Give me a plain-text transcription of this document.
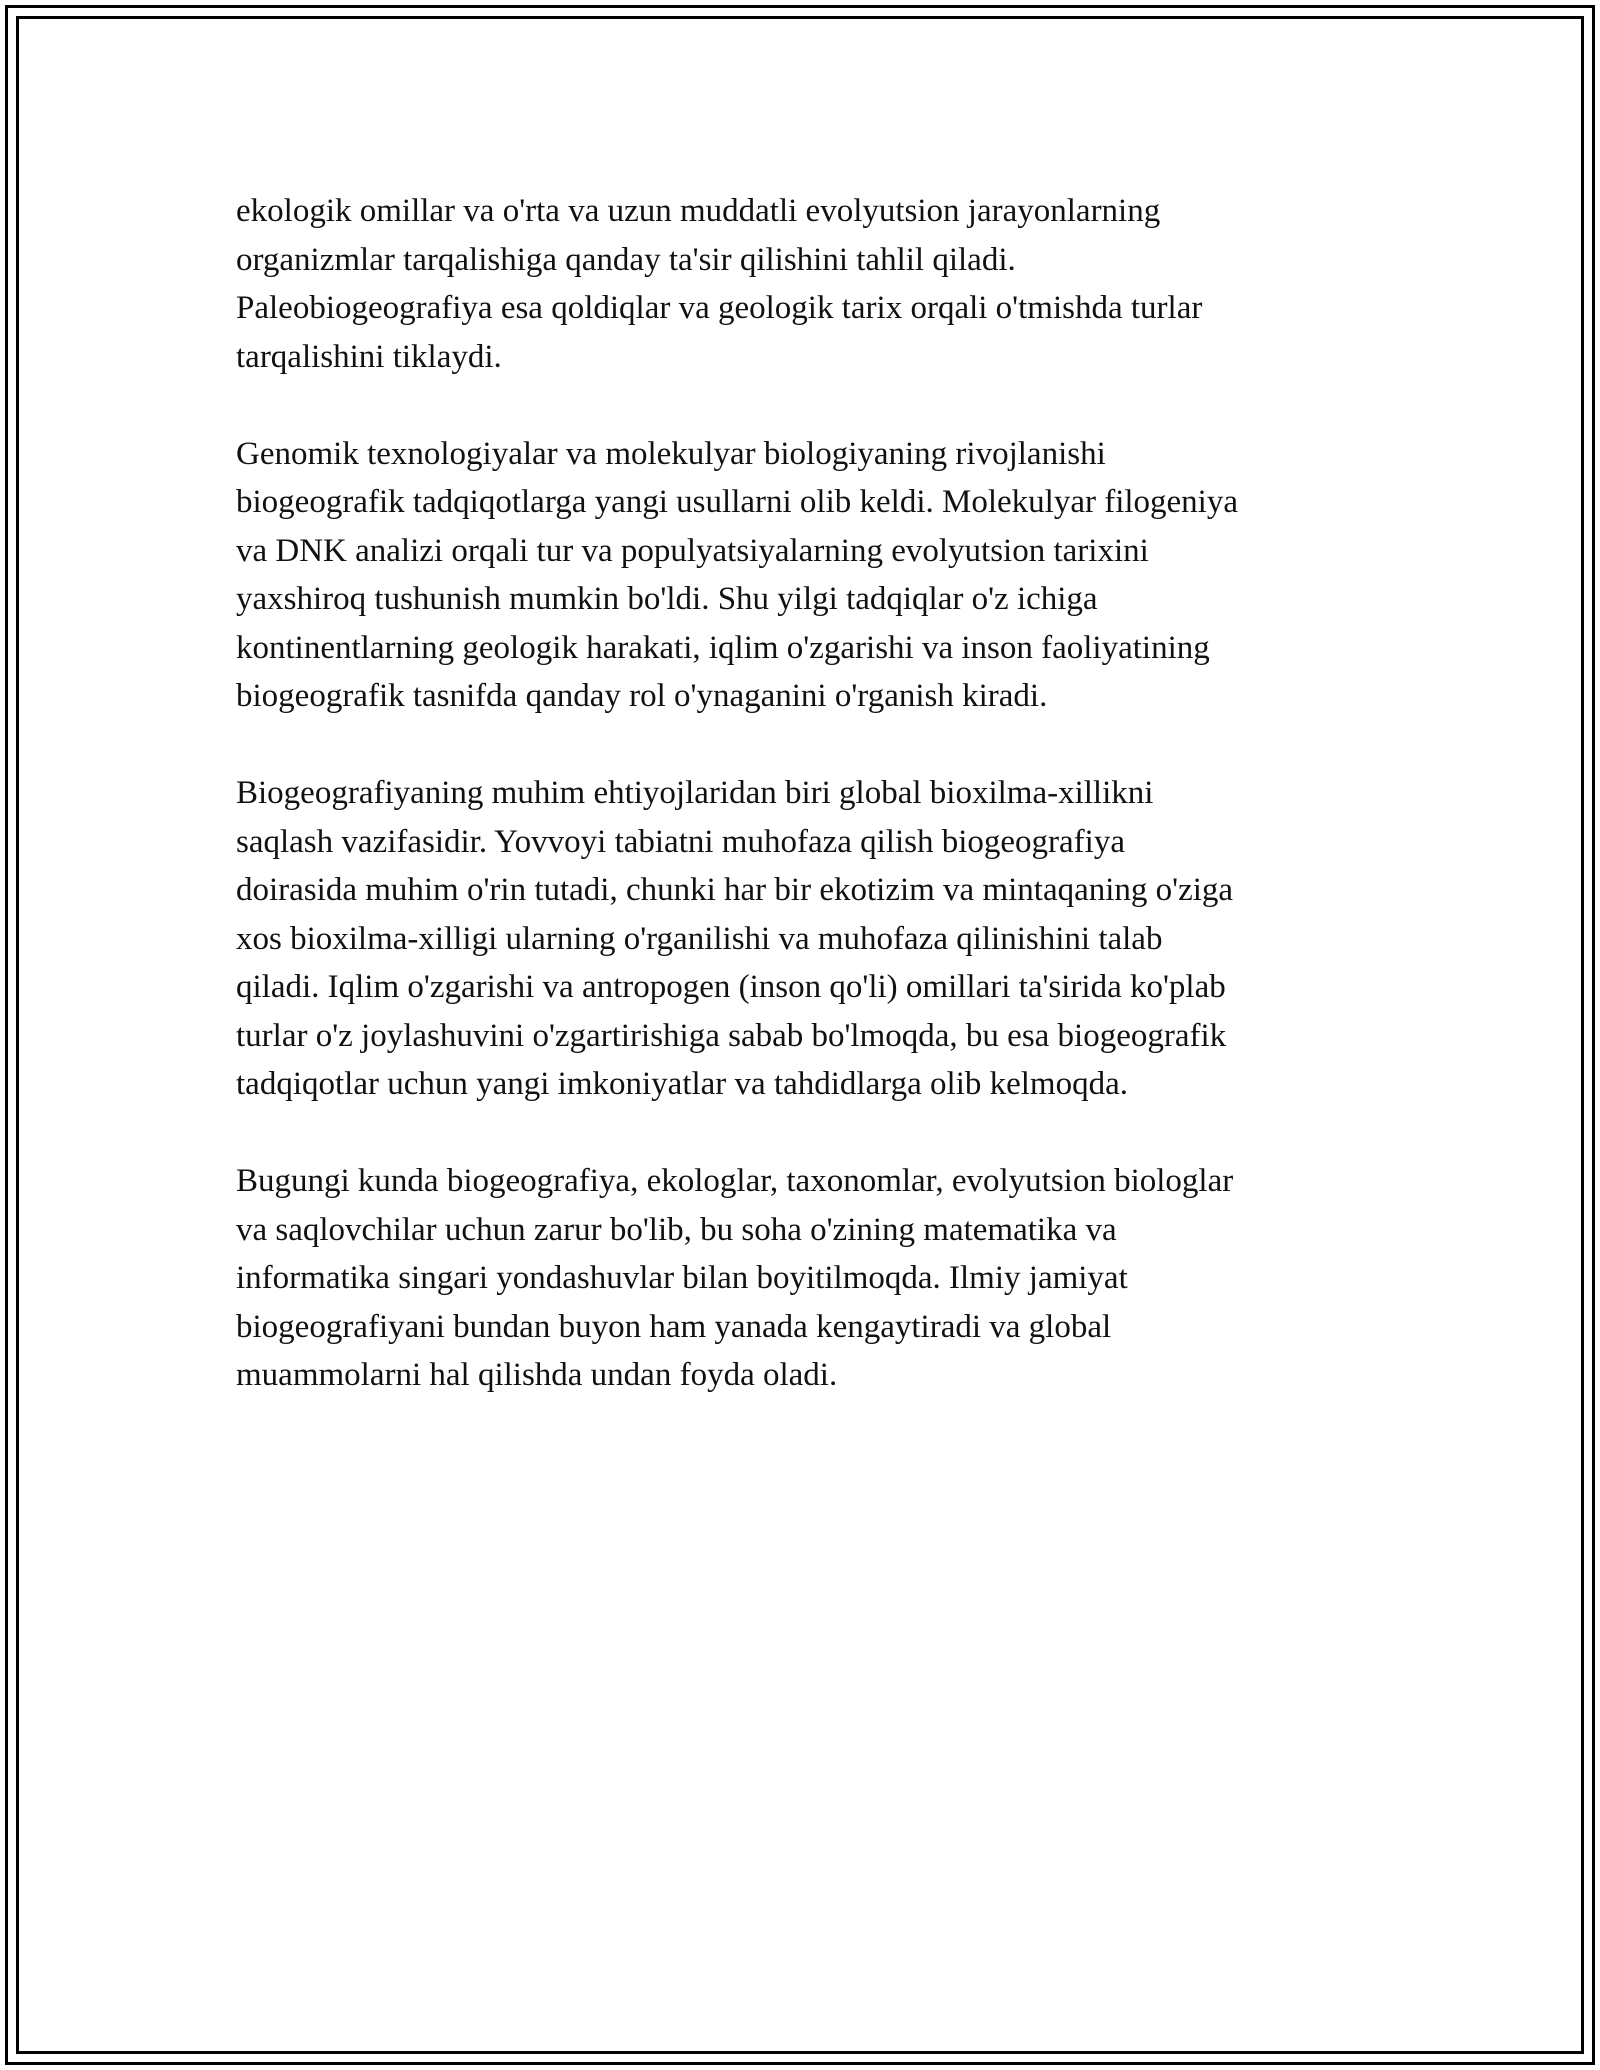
ekologik omillar va o'rta va uzun muddatli evolyutsion jarayonlarning
organizmlar tarqalishiga qanday ta'sir qilishini tahlil qiladi.
Paleobiogeografiya esa qoldiqlar va geologik tarix orqali o'tmishda turlar
tarqalishini tiklaydi.

Genomik texnologiyalar va molekulyar biologiyaning rivojlanishi
biogeografik tadqiqotlarga yangi usullarni olib keldi. Molekulyar filogeniya
va DNK analizi orqali tur va populyatsiyalarning evolyutsion tarixini
yaxshiroq tushunish mumkin bo'ldi. Shu yilgi tadqiqlar o'z ichiga
kontinentlarning geologik harakati, iqlim o'zgarishi va inson faoliyatining
biogeografik tasnifda qanday rol o'ynaganini o'rganish kiradi.

Biogeografiyaning muhim ehtiyojlaridan biri global bioxilma-xillikni
saqlash vazifasidir. Yovvoyi tabiatni muhofaza qilish biogeografiya
doirasida muhim o'rin tutadi, chunki har bir ekotizim va mintaqaning o'ziga
xos bioxilma-xilligi ularning o'rganilishi va muhofaza qilinishini talab
qiladi. Iqlim o'zgarishi va antropogen (inson qo'li) omillari ta'sirida ko'plab
turlar o'z joylashuvini o'zgartirishiga sabab bo'lmoqda, bu esa biogeografik
tadqiqotlar uchun yangi imkoniyatlar va tahdidlarga olib kelmoqda.

Bugungi kunda biogeografiya, ekologlar, taxonomlar, evolyutsion biologlar
va saqlovchilar uchun zarur bo'lib, bu soha o'zining matematika va
informatika singari yondashuvlar bilan boyitilmoqda. Ilmiy jamiyat
biogeografiyani bundan buyon ham yanada kengaytiradi va global
muammolarni hal qilishda undan foyda oladi.
